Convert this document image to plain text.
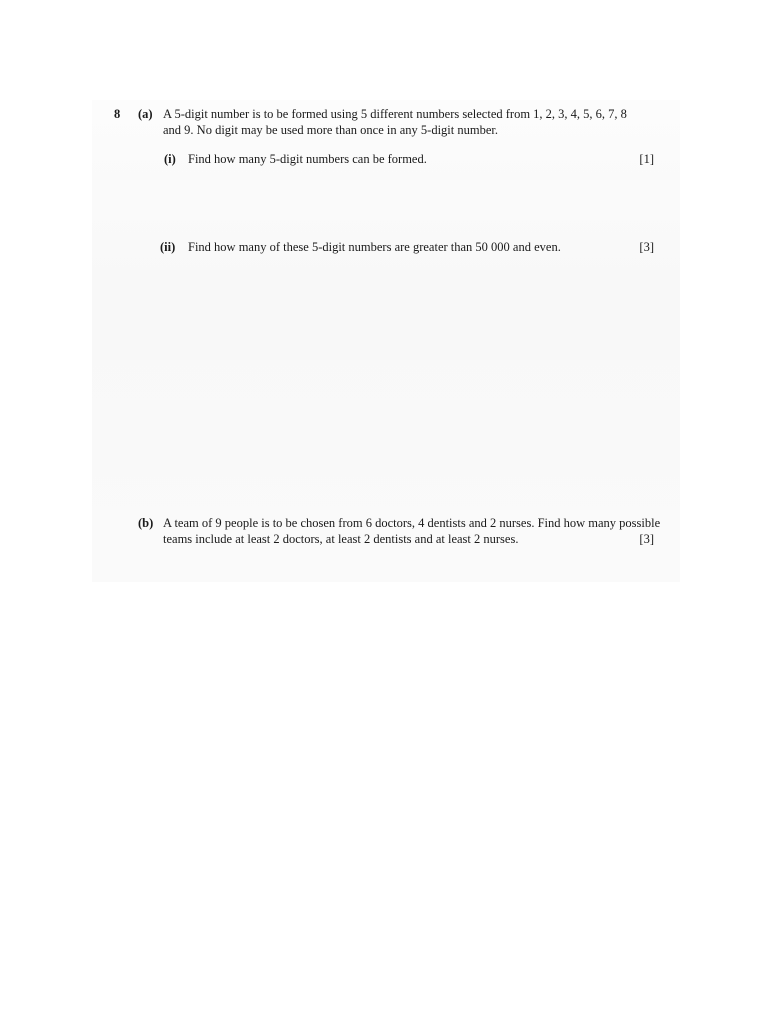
8 (a) A 5-digit number is to be formed using 5 different numbers selected from 1, 2, 3, 4, 5, 6, 7, 8
and 9. No digit may be used more than once in any 5-digit number.
(i) Find how many 5-digit numbers can be formed.	[1]
(ii) Find how many of these 5-digit numbers are greater than 50 000 and even.	[3]
(b) A team of 9 people is to be chosen from 6 doctors, 4 dentists and 2 nurses. Find how many possible
teams include at least 2 doctors, at least 2 dentists and at least 2 nurses.	[3]
